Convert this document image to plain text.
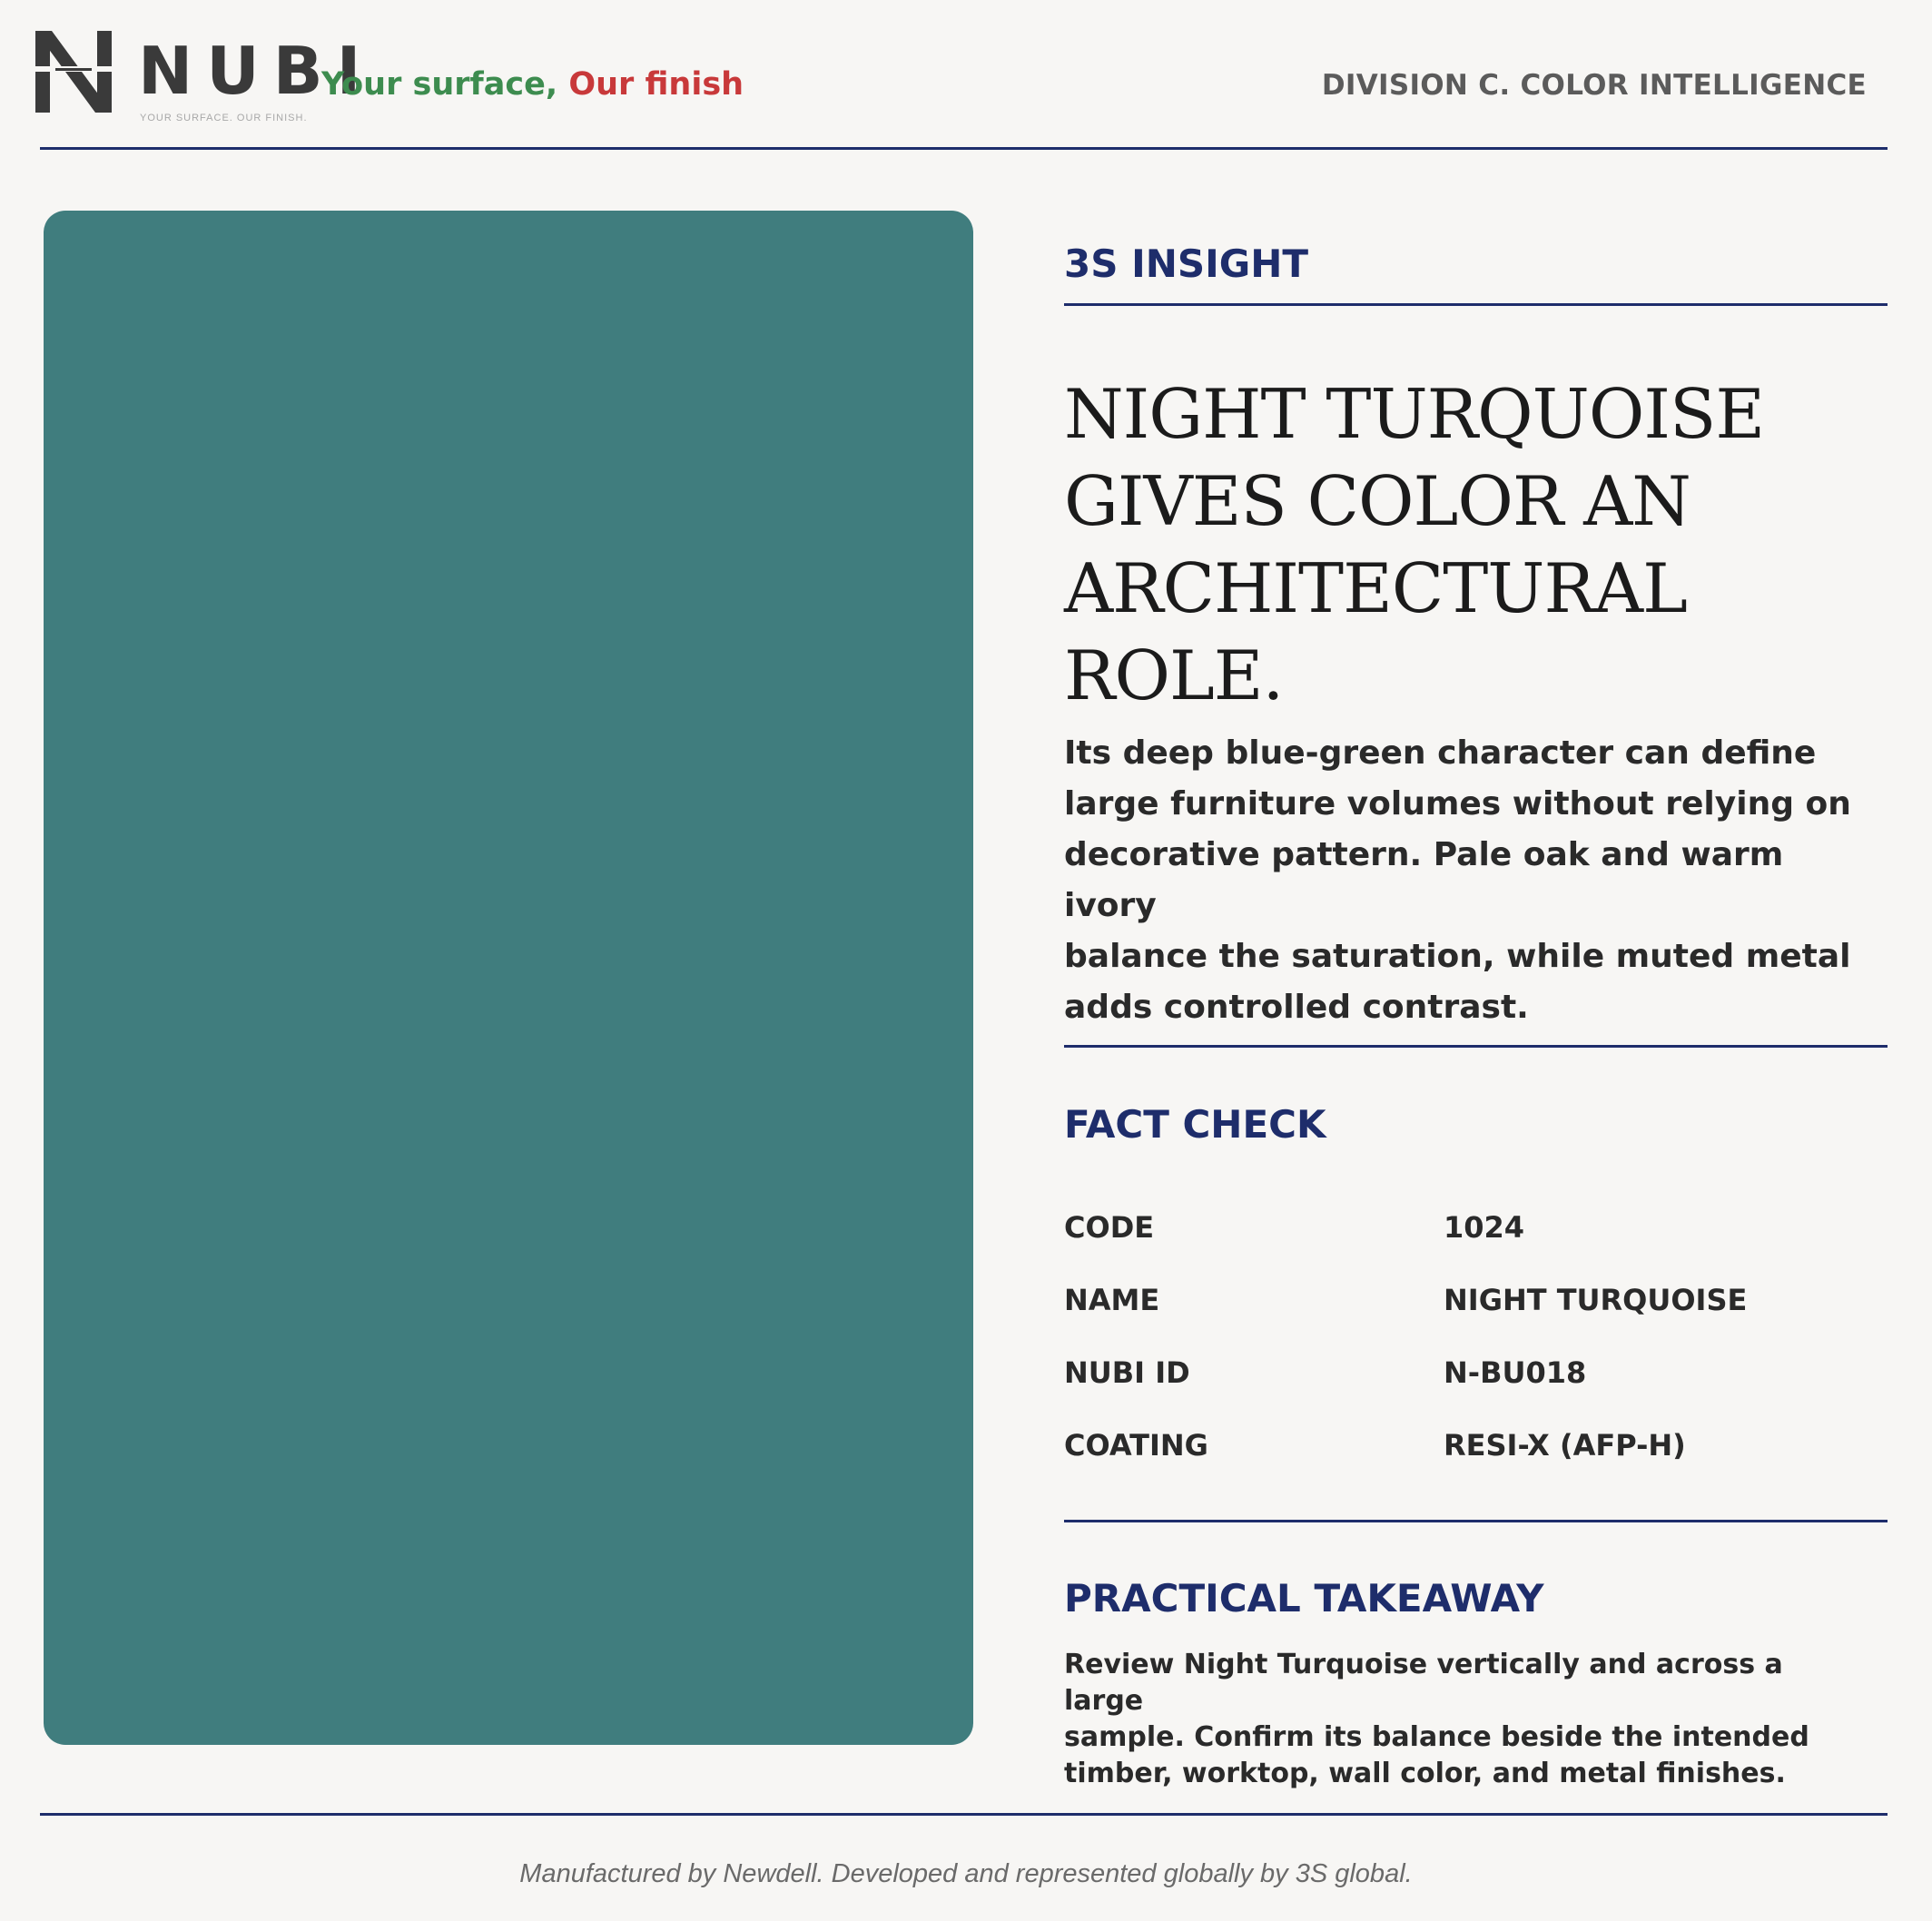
NUBI
YOUR SURFACE. OUR FINISH.
Your surface, Our finish	DIVISION C. COLOR INTELLIGENCE
3S INSIGHT
NIGHT TURQUOISE
GIVES COLOR AN
ARCHITECTURAL
ROLE.

Its deep blue-green character can define
large furniture volumes without relying on
decorative pattern. Pale oak and warm ivory
balance the saturation, while muted metal
adds controlled contrast.

FACT CHECK
CODE	1024
NAME	NIGHT TURQUOISE
NUBI ID	N-BU018
COATING	RESI-X (AFP-H)
PRACTICAL TAKEAWAY

Review Night Turquoise vertically and across a large
sample. Confirm its balance beside the intended
timber, worktop, wall color, and metal finishes.

Manufactured by Newdell. Developed and represented globally by 3S global.
